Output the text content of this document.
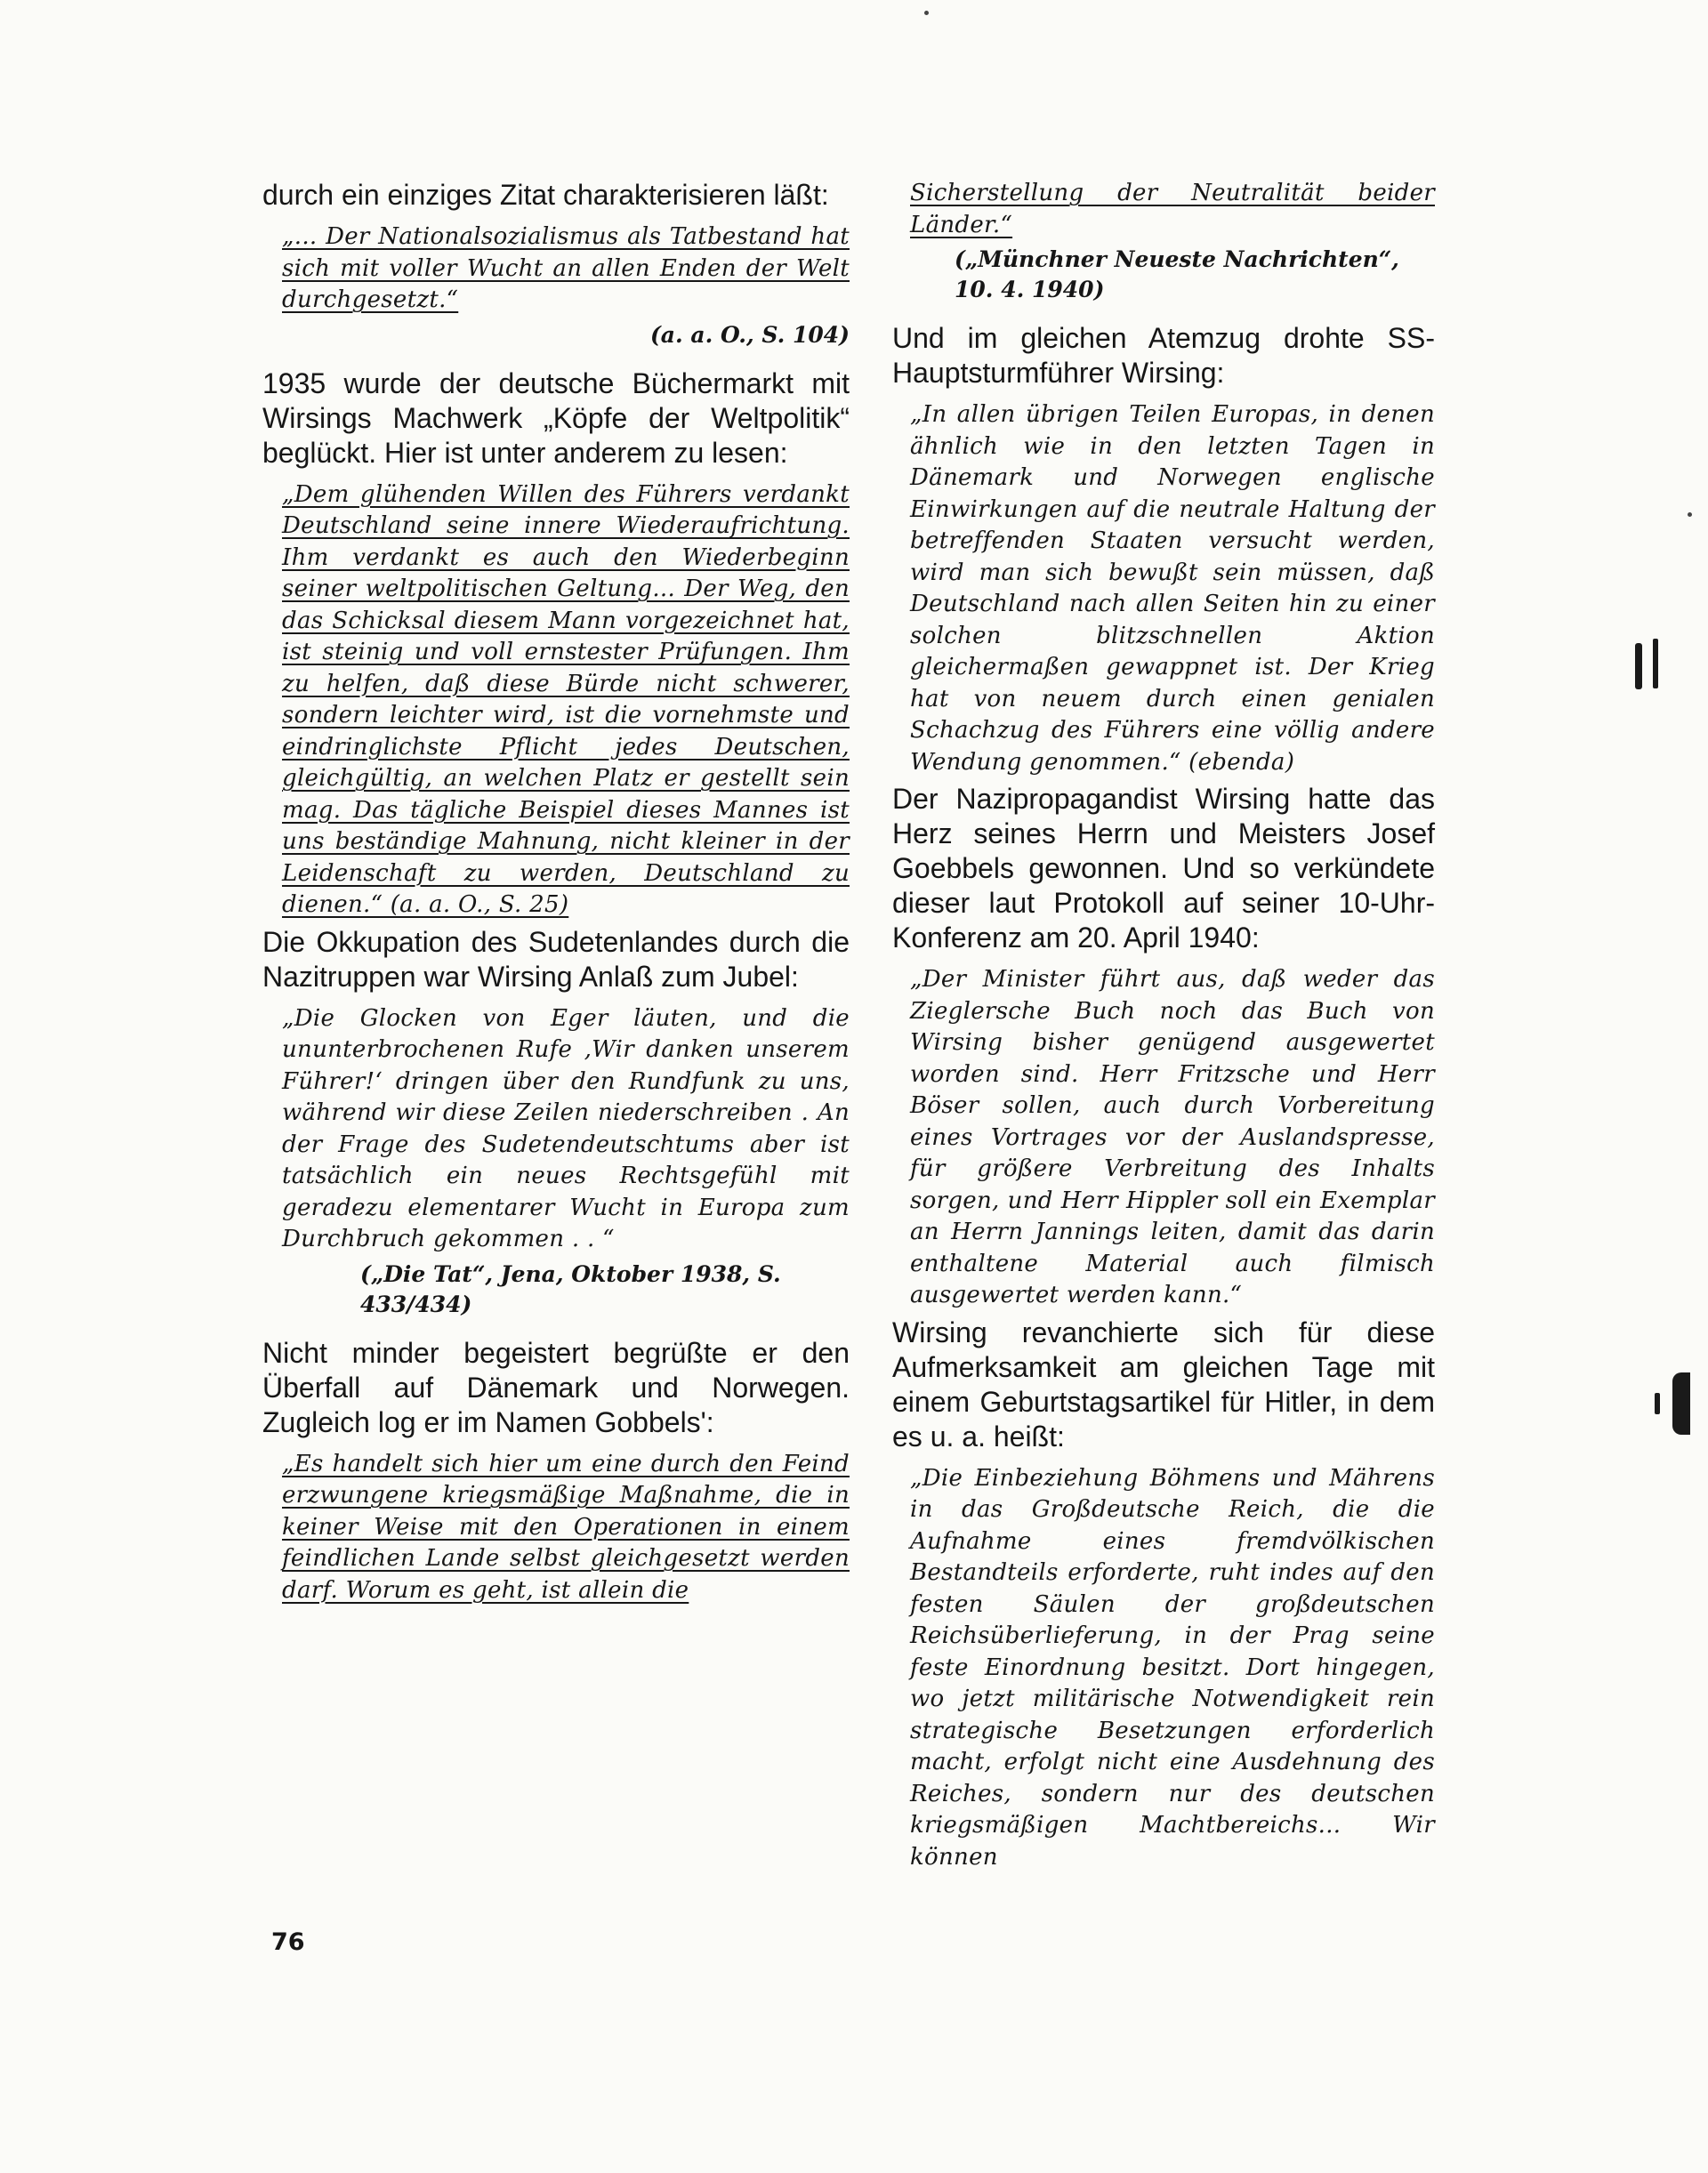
durch ein einziges Zitat charakterisieren läßt:

„... Der Nationalsozialismus als Tatbestand hat sich mit voller Wucht an allen Enden der Welt durchgesetzt.“

(a. a. O., S. 104)

1935 wurde der deutsche Büchermarkt mit Wirsings Machwerk „Köpfe der Weltpolitik“ beglückt. Hier ist unter anderem zu lesen:

„Dem glühenden Willen des Führers verdankt Deutschland seine innere Wiederaufrichtung. Ihm verdankt es auch den Wiederbeginn seiner weltpolitischen Geltung... Der Weg, den das Schicksal diesem Mann vorgezeichnet hat, ist steinig und voll ernstester Prüfungen. Ihm zu helfen, daß diese Bürde nicht schwerer, sondern leichter wird, ist die vornehmste und eindringlichste Pflicht jedes Deutschen, gleichgültig, an welchen Platz er gestellt sein mag. Das tägliche Beispiel dieses Mannes ist uns beständige Mahnung, nicht kleiner in der Leidenschaft zu werden, Deutschland zu dienen.“ (a. a. O., S. 25)

Die Okkupation des Sudetenlandes durch die Nazitruppen war Wirsing Anlaß zum Jubel:

„Die Glocken von Eger läuten, und die ununterbrochenen Rufe ‚Wir danken unserem Führer!‘ dringen über den Rundfunk zu uns, während wir diese Zeilen niederschreiben . An der Frage des Sudetendeutschtums aber ist tatsächlich ein neues Rechtsgefühl mit geradezu elementarer Wucht in Europa zum Durchbruch gekommen . . “

(„Die Tat“, Jena, Oktober 1938, S. 433/434)

Nicht minder begeistert begrüßte er den Überfall auf Dänemark und Norwegen. Zugleich log er im Namen Gobbels':

„Es handelt sich hier um eine durch den Feind erzwungene kriegsmäßige Maßnahme, die in keiner Weise mit den Operationen in einem feindlichen Lande selbst gleichgesetzt werden darf. Worum es geht, ist allein die

Sicherstellung der Neutralität beider Länder.“

(„Münchner Neueste Nachrichten“, 10. 4. 1940)

Und im gleichen Atemzug drohte SS-Hauptsturmführer Wirsing:

„In allen übrigen Teilen Europas, in denen ähnlich wie in den letzten Tagen in Dänemark und Norwegen englische Einwirkungen auf die neutrale Haltung der betreffenden Staaten versucht werden, wird man sich bewußt sein müssen, daß Deutschland nach allen Seiten hin zu einer solchen blitzschnellen Aktion gleichermaßen gewappnet ist. Der Krieg hat von neuem durch einen genialen Schachzug des Führers eine völlig andere Wendung genommen.“ (ebenda)

Der Nazipropagandist Wirsing hatte das Herz seines Herrn und Meisters Josef Goebbels gewonnen. Und so verkündete dieser laut Protokoll auf seiner 10-Uhr-Konferenz am 20. April 1940:

„Der Minister führt aus, daß weder das Zieglersche Buch noch das Buch von Wirsing bisher genügend ausgewertet worden sind. Herr Fritzsche und Herr Böser sollen, auch durch Vorbereitung eines Vortrages vor der Auslandspresse, für größere Verbreitung des Inhalts sorgen, und Herr Hippler soll ein Exemplar an Herrn Jannings leiten, damit das darin enthaltene Material auch filmisch ausgewertet werden kann.“

Wirsing revanchierte sich für diese Aufmerksamkeit am gleichen Tage mit einem Geburtstagsartikel für Hitler, in dem es u. a. heißt:

„Die Einbeziehung Böhmens und Mährens in das Großdeutsche Reich, die die Aufnahme eines fremdvölkischen Bestandteils erforderte, ruht indes auf den festen Säulen der großdeutschen Reichsüberlieferung, in der Prag seine feste Einordnung besitzt. Dort hingegen, wo jetzt militärische Notwendigkeit rein strategische Besetzungen erforderlich macht, erfolgt nicht eine Ausdehnung des Reiches, sondern nur des deutschen kriegsmäßigen Machtbereichs... Wir können

76
